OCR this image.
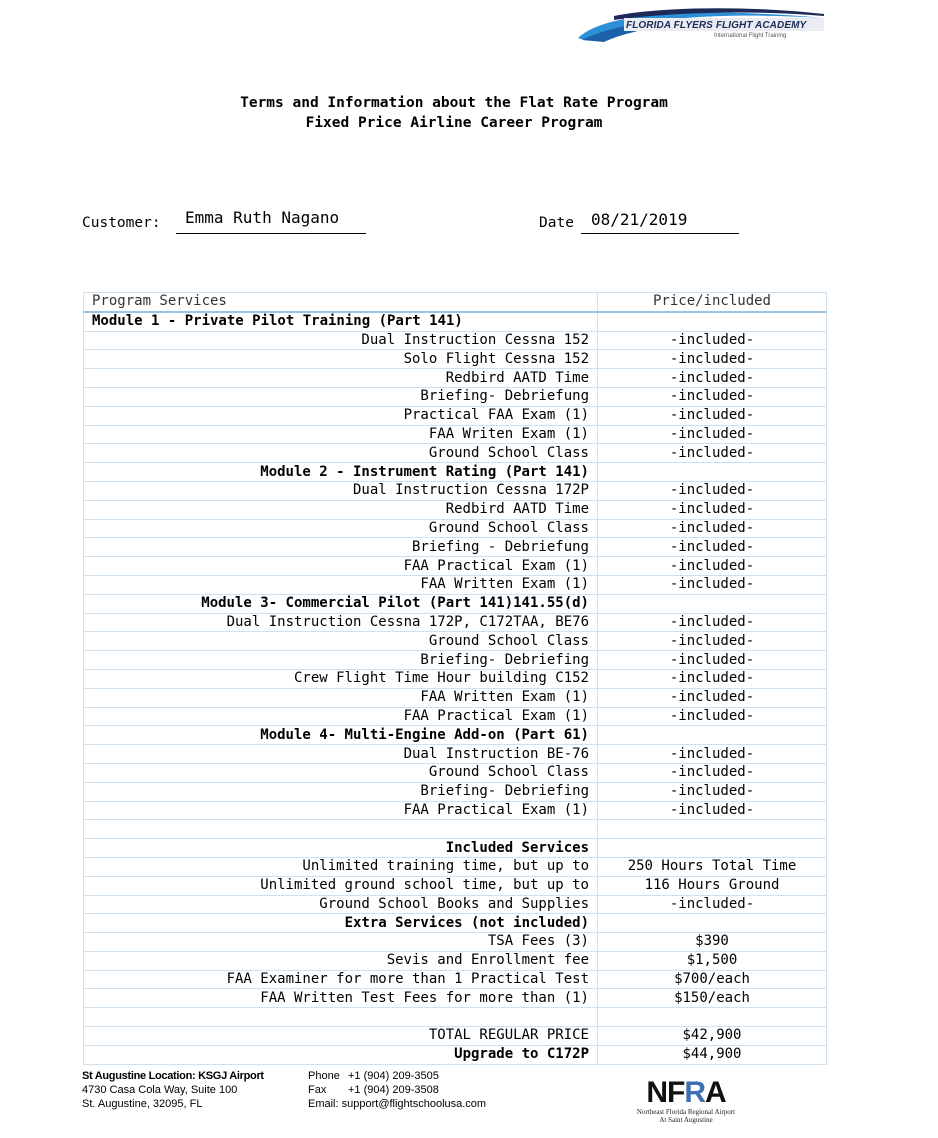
FLORIDA FLYERS FLIGHT ACADEMY
International Flight Training
Terms and Information about the Flat Rate Program
Fixed Price Airline Career Program
Customer: Emma Ruth Nagano	Date 08/21/2019
Program Services	Price/included
Module 1 - Private Pilot Training (Part 141)	
Dual Instruction Cessna 152	-included-
Solo Flight Cessna 152	-included-
Redbird AATD Time	-included-
Briefing- Debriefung	-included-
Practical FAA Exam (1)	-included-
FAA Writen Exam (1)	-included-
Ground School Class	-included-
Module 2 - Instrument Rating (Part 141)	
Dual Instruction Cessna 172P	-included-
Redbird AATD Time	-included-
Ground School Class	-included-
Briefing - Debriefung	-included-
FAA Practical Exam (1)	-included-
FAA Written Exam (1)	-included-
Module 3- Commercial Pilot (Part 141)141.55(d)	
Dual Instruction Cessna 172P, C172TAA, BE76	-included-
Ground School Class	-included-
Briefing- Debriefing	-included-
Crew Flight Time Hour building C152	-included-
FAA Written Exam (1)	-included-
FAA Practical Exam (1)	-included-
Module 4- Multi-Engine Add-on (Part 61)	
Dual Instruction BE-76	-included-
Ground School Class	-included-
Briefing- Debriefing	-included-
FAA Practical Exam (1)	-included-

Included Services	
Unlimited training time, but up to	250 Hours Total Time
Unlimited ground school time, but up to	116 Hours Ground
Ground School Books and Supplies	-included-
Extra Services (not included)	
TSA Fees (3)	$390
Sevis and Enrollment fee	$1,500
FAA Examiner for more than 1 Practical Test	$700/each
FAA Written Test Fees for more than (1)	$150/each

TOTAL REGULAR PRICE	$42,900
Upgrade to C172P	$44,900
St Augustine Location: KSGJ Airport
4730 Casa Cola Way, Suite 100
St. Augustine, 32095, FL
Phone +1 (904) 209-3505
Fax +1 (904) 209-3508
Email: support@flightschoolusa.com	NFRA
Northeast Florida Regional Airport
At Saint Augustine
